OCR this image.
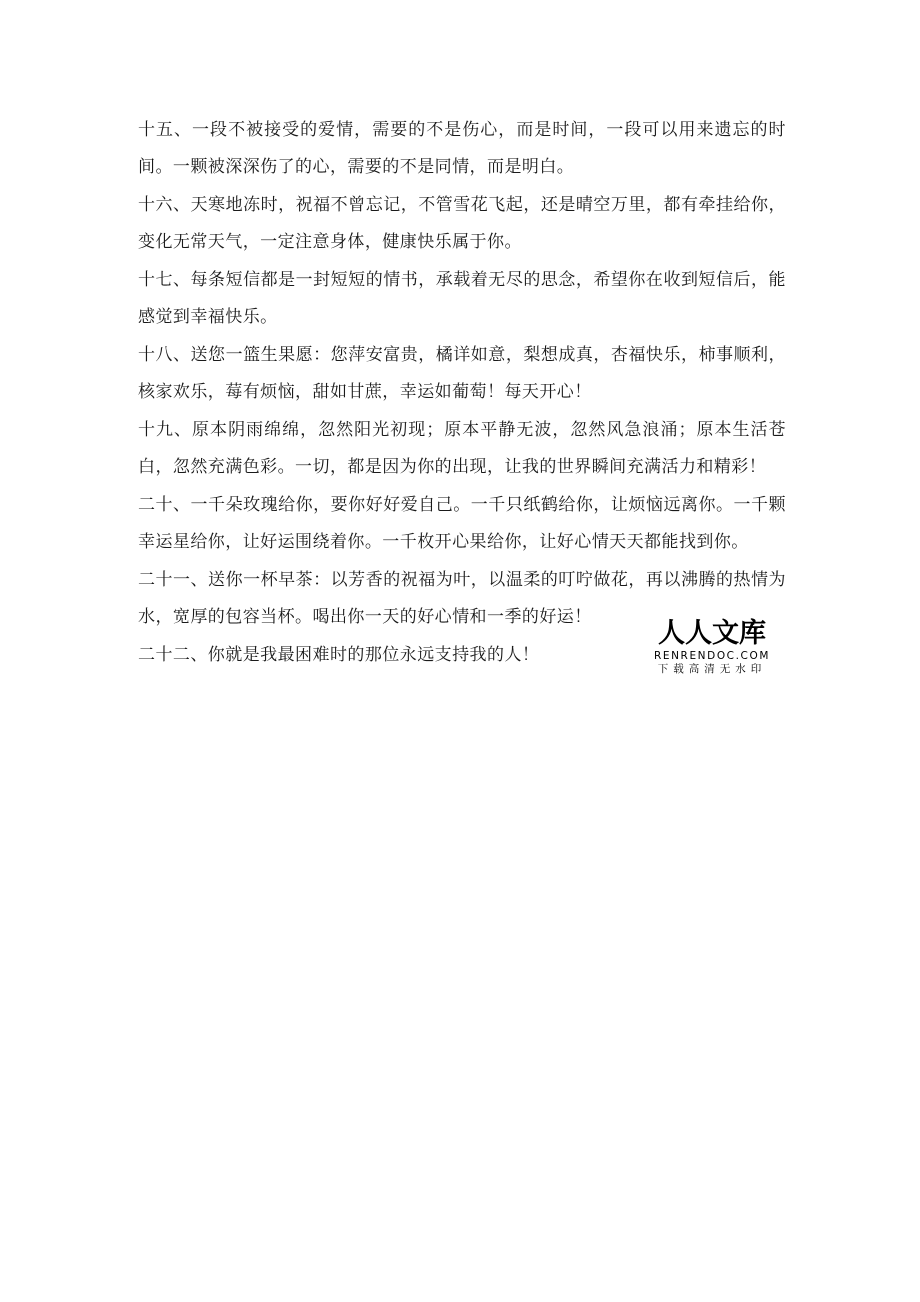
十五、一段不被接受的爱情，需要的不是伤心，而是时间，一段可以用来遗忘的时间。一颗被深深伤了的心，需要的不是同情，而是明白。

十六、天寒地冻时，祝福不曾忘记，不管雪花飞起，还是晴空万里，都有牵挂给你，变化无常天气，一定注意身体，健康快乐属于你。

十七、每条短信都是一封短短的情书，承载着无尽的思念，希望你在收到短信后，能感觉到幸福快乐。

十八、送您一篮生果愿：您萍安富贵，橘详如意，梨想成真，杏福快乐，柿事顺利，核家欢乐，莓有烦恼，甜如甘蔗，幸运如葡萄！每天开心！

十九、原本阴雨绵绵，忽然阳光初现；原本平静无波，忽然风急浪涌；原本生活苍白，忽然充满色彩。一切，都是因为你的出现，让我的世界瞬间充满活力和精彩！

二十、一千朵玫瑰给你，要你好好爱自己。一千只纸鹤给你，让烦恼远离你。一千颗幸运星给你，让好运围绕着你。一千枚开心果给你，让好心情天天都能找到你。

二十一、送你一杯早茶：以芳香的祝福为叶，以温柔的叮咛做花，再以沸腾的热情为水，宽厚的包容当杯。喝出你一天的好心情和一季的好运！

二十二、你就是我最困难时的那位永远支持我的人！

人人文库
RENRENDOC.COM
下载高清无水印
